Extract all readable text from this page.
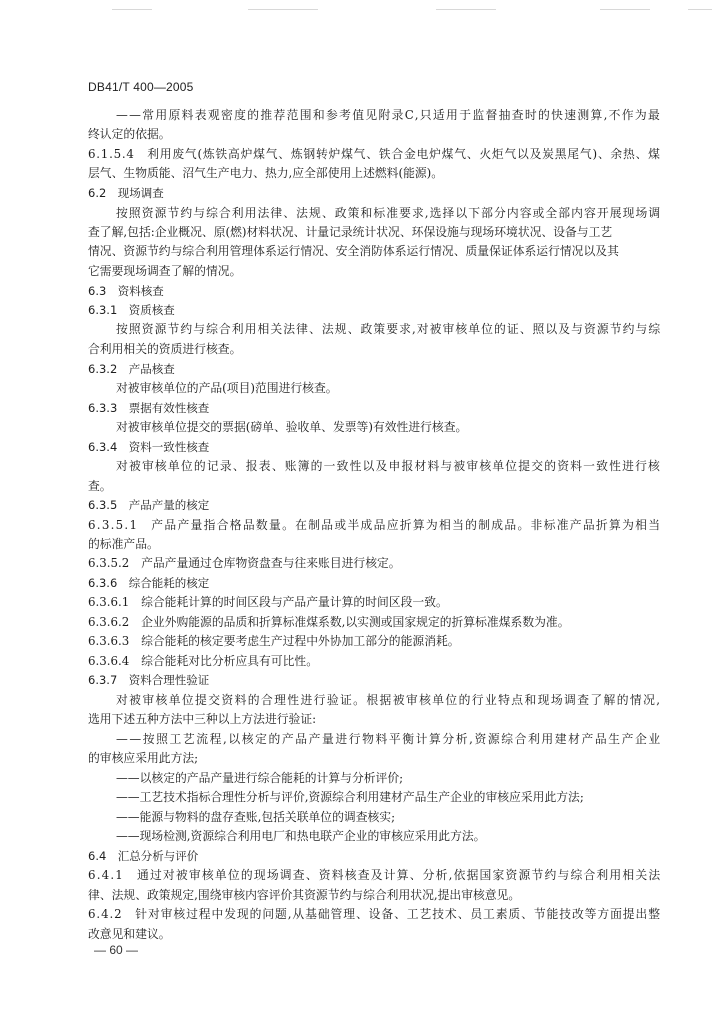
DB41/T 400—2005
——常用原料表观密度的推荐范围和参考值见附录C,只适用于监督抽查时的快速测算,不作为最
终认定的依据。
6.1.5.4　利用废气(炼铁高炉煤气、炼钢转炉煤气、铁合金电炉煤气、火炬气以及炭黑尾气)、余热、煤
层气、生物质能、沼气生产电力、热力,应全部使用上述燃料(能源)。
6.2　现场调查
按照资源节约与综合利用法律、法规、政策和标准要求,选择以下部分内容或全部内容开展现场调
查了解,包括:企业概况、原(燃)材料状况、计量记录统计状况、环保设施与现场环境状况、设备与工艺
情况、资源节约与综合利用管理体系运行情况、安全消防体系运行情况、质量保证体系运行情况以及其
它需要现场调查了解的情况。
6.3　资料核查
6.3.1　资质核查
按照资源节约与综合利用相关法律、法规、政策要求,对被审核单位的证、照以及与资源节约与综
合利用相关的资质进行核查。
6.3.2　产品核查
对被审核单位的产品(项目)范围进行核查。
6.3.3　票据有效性核查
对被审核单位提交的票据(磅单、验收单、发票等)有效性进行核查。
6.3.4　资料一致性核查
对被审核单位的记录、报表、账簿的一致性以及申报材料与被审核单位提交的资料一致性进行核
查。
6.3.5　产品产量的核定
6.3.5.1　产品产量指合格品数量。在制品或半成品应折算为相当的制成品。非标准产品折算为相当
的标准产品。
6.3.5.2　产品产量通过仓库物资盘查与往来账目进行核定。
6.3.6　综合能耗的核定
6.3.6.1　综合能耗计算的时间区段与产品产量计算的时间区段一致。
6.3.6.2　企业外购能源的品质和折算标准煤系数,以实测或国家规定的折算标准煤系数为准。
6.3.6.3　综合能耗的核定要考虑生产过程中外协加工部分的能源消耗。
6.3.6.4　综合能耗对比分析应具有可比性。
6.3.7　资料合理性验证
对被审核单位提交资料的合理性进行验证。根据被审核单位的行业特点和现场调查了解的情况,
选用下述五种方法中三种以上方法进行验证:
——按照工艺流程,以核定的产品产量进行物料平衡计算分析,资源综合利用建材产品生产企业
的审核应采用此方法;
——以核定的产品产量进行综合能耗的计算与分析评价;
——工艺技术指标合理性分析与评价,资源综合利用建材产品生产企业的审核应采用此方法;
——能源与物料的盘存查账,包括关联单位的调查核实;
——现场检测,资源综合利用电厂和热电联产企业的审核应采用此方法。
6.4　汇总分析与评价
6.4.1　通过对被审核单位的现场调查、资料核查及计算、分析,依据国家资源节约与综合利用相关法
律、法规、政策规定,围绕审核内容评价其资源节约与综合利用状况,提出审核意见。
6.4.2　针对审核过程中发现的问题,从基础管理、设备、工艺技术、员工素质、节能技改等方面提出整
改意见和建议。
— 60 —
